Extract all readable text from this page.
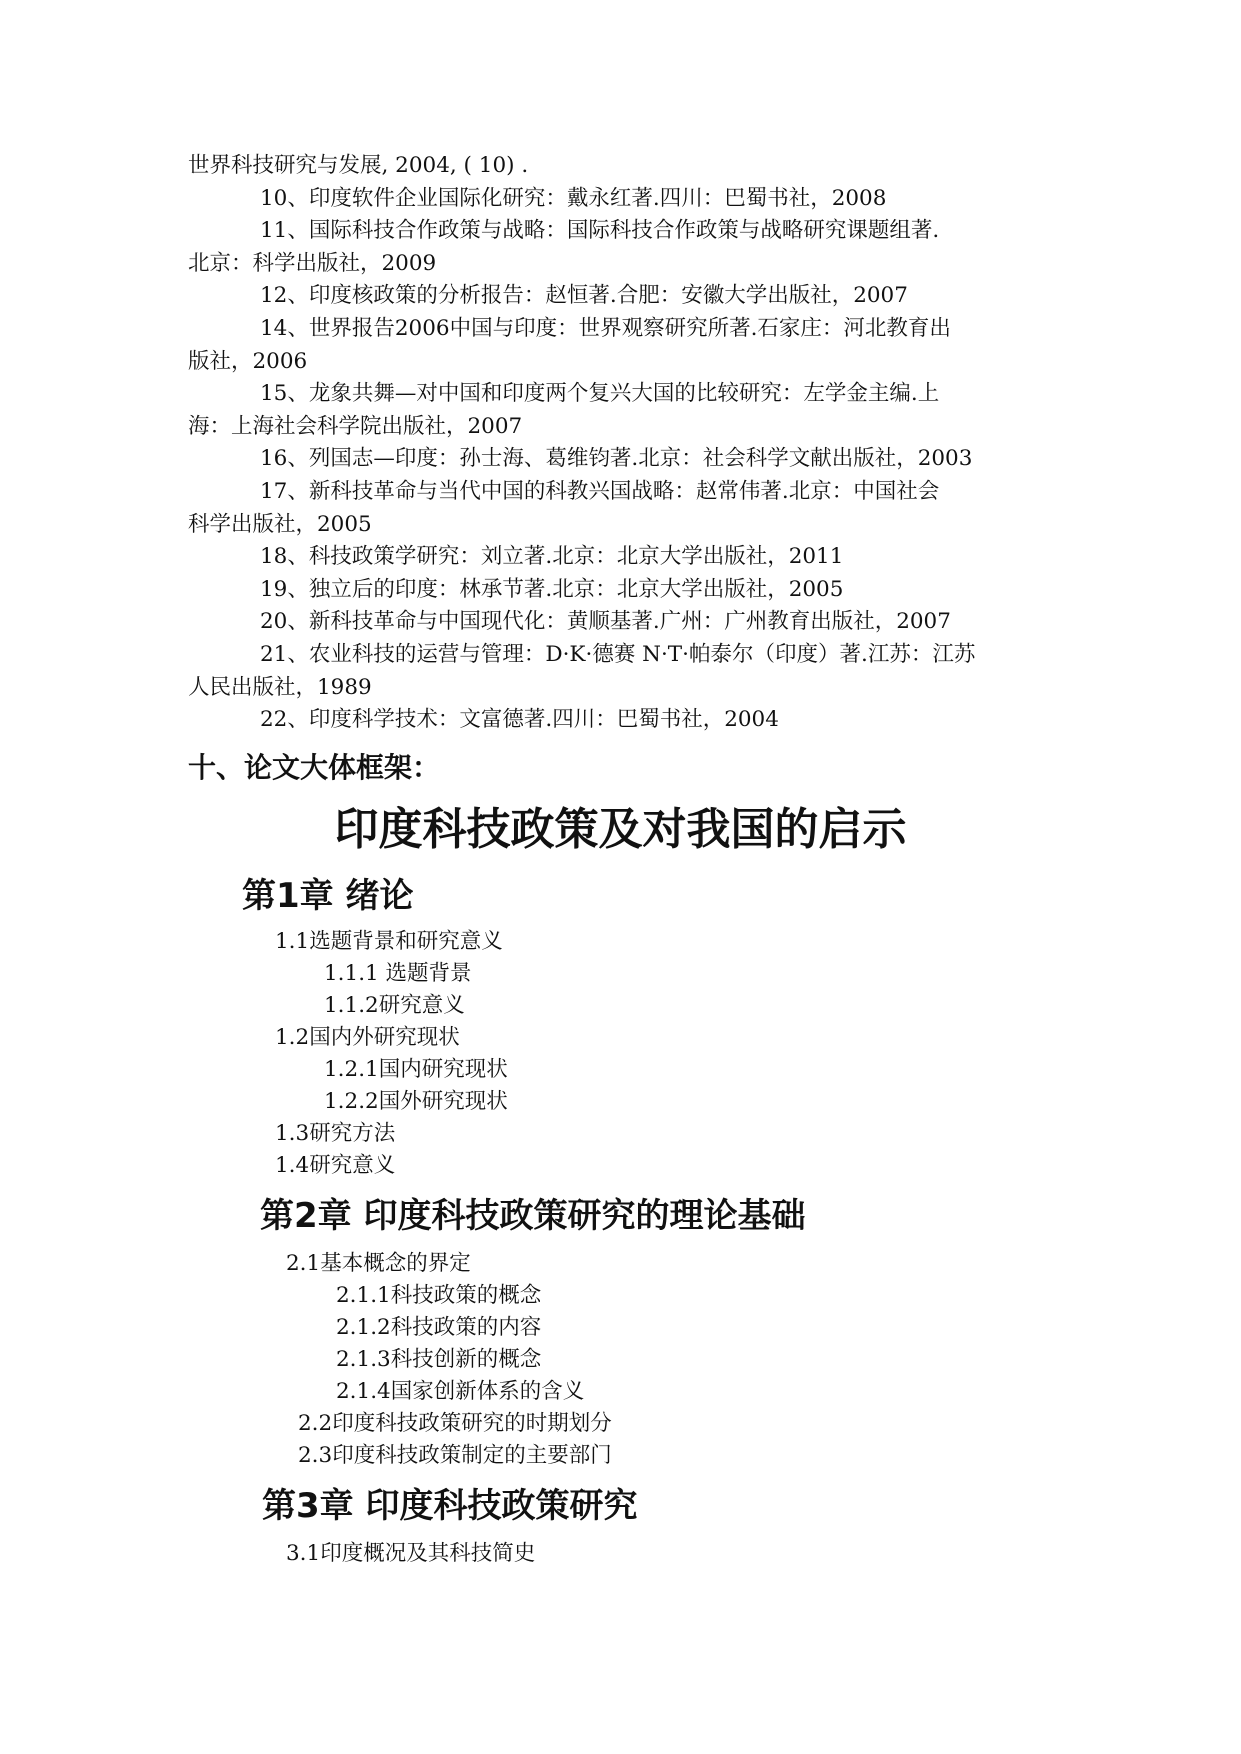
世界科技研究与发展, 2004, ( 10) .
10、印度软件企业国际化研究：戴永红著.四川：巴蜀书社，2008
11、国际科技合作政策与战略：国际科技合作政策与战略研究课题组著.
北京：科学出版社，2009
12、印度核政策的分析报告：赵恒著.合肥：安徽大学出版社，2007
14、世界报告2006中国与印度：世界观察研究所著.石家庄：河北教育出
版社，2006
15、龙象共舞—对中国和印度两个复兴大国的比较研究：左学金主编.上
海：上海社会科学院出版社，2007
16、列国志—印度：孙士海、葛维钧著.北京：社会科学文献出版社，2003
17、新科技革命与当代中国的科教兴国战略：赵常伟著.北京：中国社会
科学出版社，2005
18、科技政策学研究：刘立著.北京：北京大学出版社，2011
19、独立后的印度：林承节著.北京：北京大学出版社，2005
20、新科技革命与中国现代化：黄顺基著.广州：广州教育出版社，2007
21、农业科技的运营与管理：D·K·德赛 N·T·帕泰尔（印度）著.江苏：江苏
人民出版社，1989
22、印度科学技术：文富德著.四川：巴蜀书社，2004
十、论文大体框架：
印度科技政策及对我国的启示
第1章 绪论
1.1选题背景和研究意义
1.1.1 选题背景
1.1.2研究意义
1.2国内外研究现状
1.2.1国内研究现状
1.2.2国外研究现状
1.3研究方法
1.4研究意义
第2章 印度科技政策研究的理论基础
2.1基本概念的界定
2.1.1科技政策的概念
2.1.2科技政策的内容
2.1.3科技创新的概念
2.1.4国家创新体系的含义
2.2印度科技政策研究的时期划分
2.3印度科技政策制定的主要部门
第3章 印度科技政策研究
3.1印度概况及其科技简史
